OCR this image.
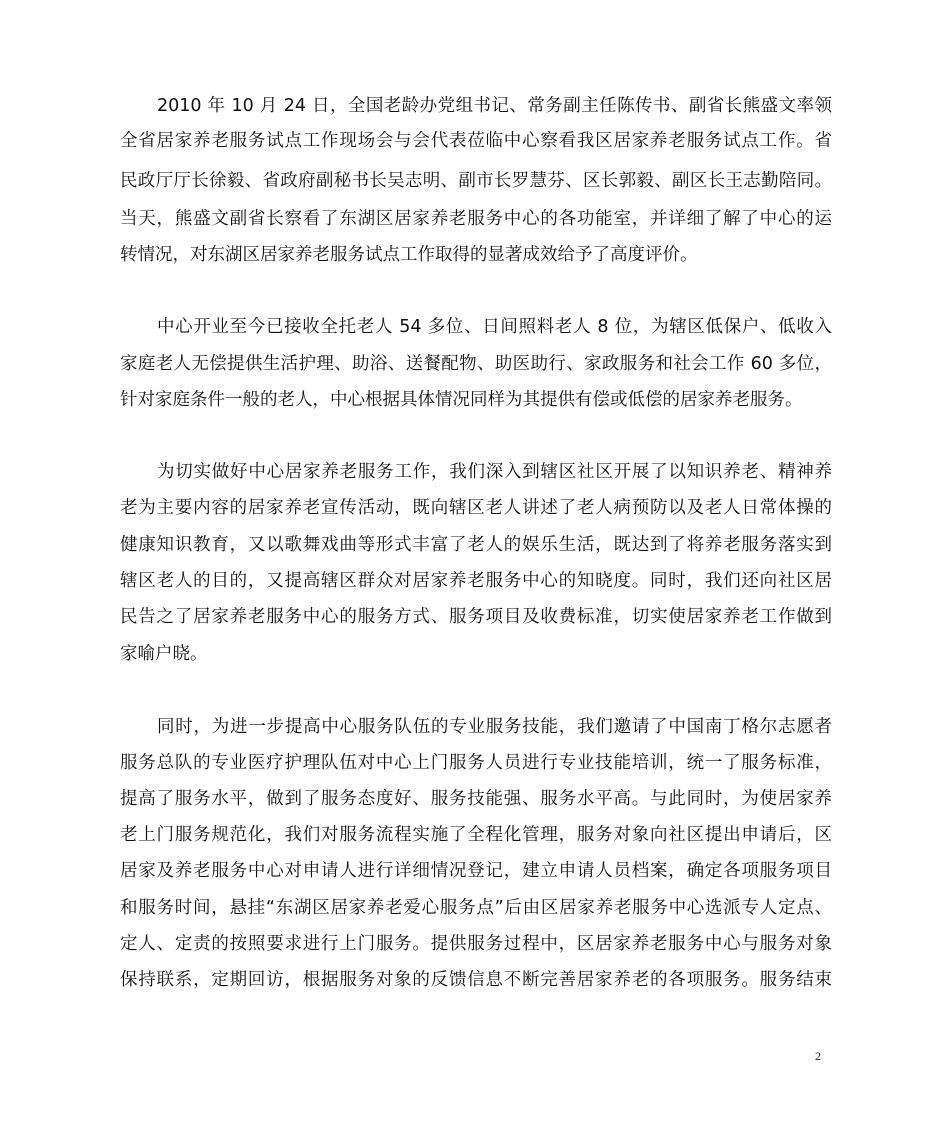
2010 年 10 月 24 日，全国老龄办党组书记、常务副主任陈传书、副省长熊盛文率领
全省居家养老服务试点工作现场会与会代表莅临中心察看我区居家养老服务试点工作。省
民政厅厅长徐毅、省政府副秘书长吴志明、副市长罗慧芬、区长郭毅、副区长王志勤陪同。
当天，熊盛文副省长察看了东湖区居家养老服务中心的各功能室，并详细了解了中心的运
转情况，对东湖区居家养老服务试点工作取得的显著成效给予了高度评价。
中心开业至今已接收全托老人 54 多位、日间照料老人 8 位，为辖区低保户、低收入
家庭老人无偿提供生活护理、助浴、送餐配物、助医助行、家政服务和社会工作 60 多位，
针对家庭条件一般的老人，中心根据具体情况同样为其提供有偿或低偿的居家养老服务。
为切实做好中心居家养老服务工作，我们深入到辖区社区开展了以知识养老、精神养
老为主要内容的居家养老宣传活动，既向辖区老人讲述了老人病预防以及老人日常体操的
健康知识教育，又以歌舞戏曲等形式丰富了老人的娱乐生活，既达到了将养老服务落实到
辖区老人的目的，又提高辖区群众对居家养老服务中心的知晓度。同时，我们还向社区居
民告之了居家养老服务中心的服务方式、服务项目及收费标准，切实使居家养老工作做到
家喻户晓。
同时，为进一步提高中心服务队伍的专业服务技能，我们邀请了中国南丁格尔志愿者
服务总队的专业医疗护理队伍对中心上门服务人员进行专业技能培训，统一了服务标准，
提高了服务水平，做到了服务态度好、服务技能强、服务水平高。与此同时，为使居家养
老上门服务规范化，我们对服务流程实施了全程化管理，服务对象向社区提出申请后，区
居家及养老服务中心对申请人进行详细情况登记，建立申请人员档案，确定各项服务项目
和服务时间，悬挂“东湖区居家养老爱心服务点”后由区居家养老服务中心选派专人定点、
定人、定责的按照要求进行上门服务。提供服务过程中，区居家养老服务中心与服务对象
保持联系，定期回访，根据服务对象的反馈信息不断完善居家养老的各项服务。服务结束
2
